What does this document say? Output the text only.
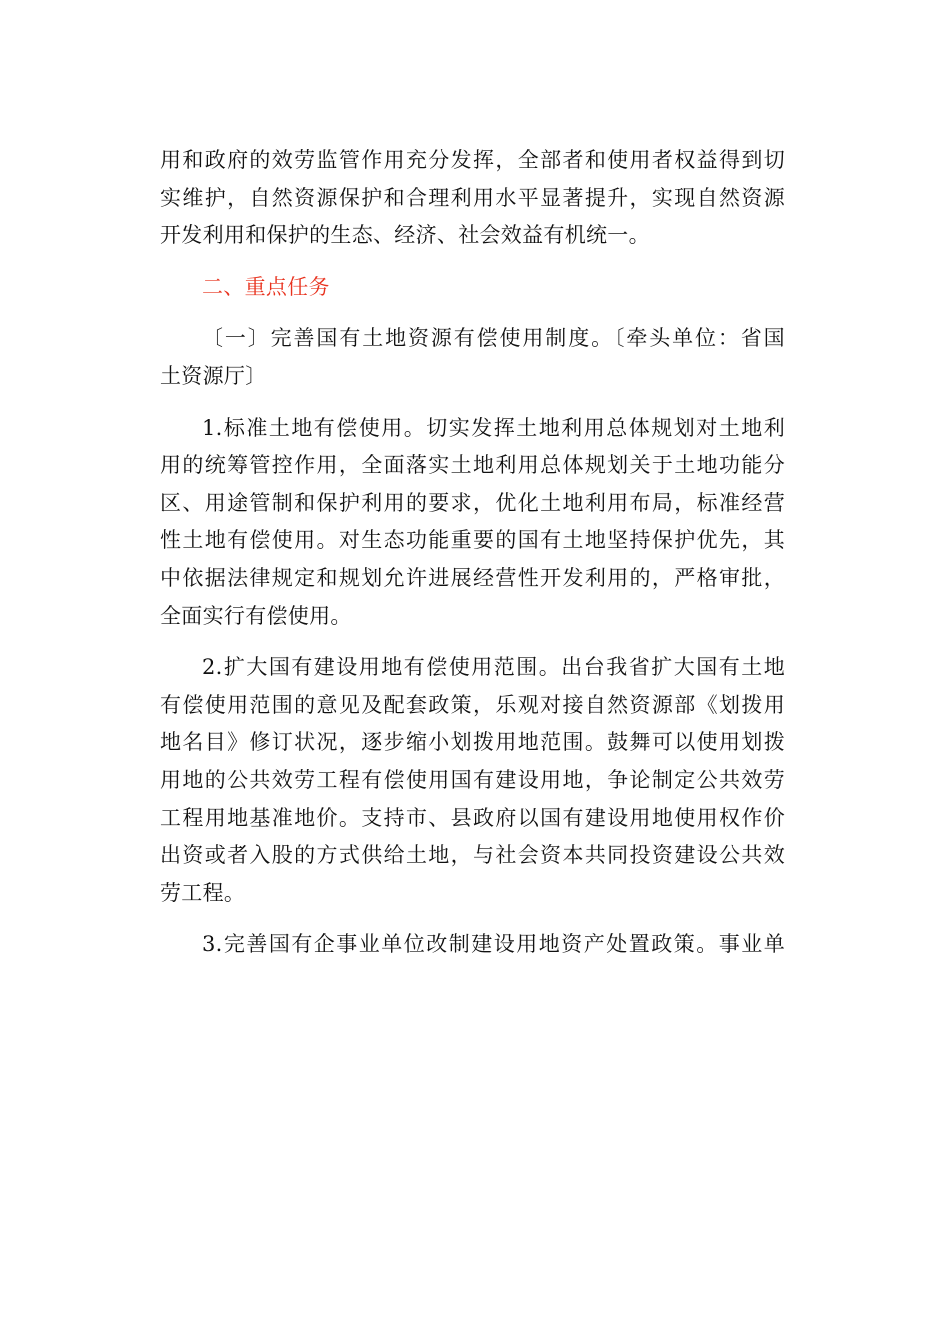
用和政府的效劳监管作用充分发挥，全部者和使用者权益得到切
实维护，自然资源保护和合理利用水平显著提升，实现自然资源
开发利用和保护的生态、经济、社会效益有机统一。
二、重点任务
〔一〕完善国有土地资源有偿使用制度。〔牵头单位：省国
土资源厅〕
1.标准土地有偿使用。切实发挥土地利用总体规划对土地利
用的统筹管控作用，全面落实土地利用总体规划关于土地功能分
区、用途管制和保护利用的要求，优化土地利用布局，标准经营
性土地有偿使用。对生态功能重要的国有土地坚持保护优先，其
中依据法律规定和规划允许进展经营性开发利用的，严格审批，
全面实行有偿使用。
2.扩大国有建设用地有偿使用范围。出台我省扩大国有土地
有偿使用范围的意见及配套政策，乐观对接自然资源部《划拨用
地名目》修订状况，逐步缩小划拨用地范围。鼓舞可以使用划拨
用地的公共效劳工程有偿使用国有建设用地，争论制定公共效劳
工程用地基准地价。支持市、县政府以国有建设用地使用权作价
出资或者入股的方式供给土地，与社会资本共同投资建设公共效
劳工程。
3.完善国有企事业单位改制建设用地资产处置政策。事业单
